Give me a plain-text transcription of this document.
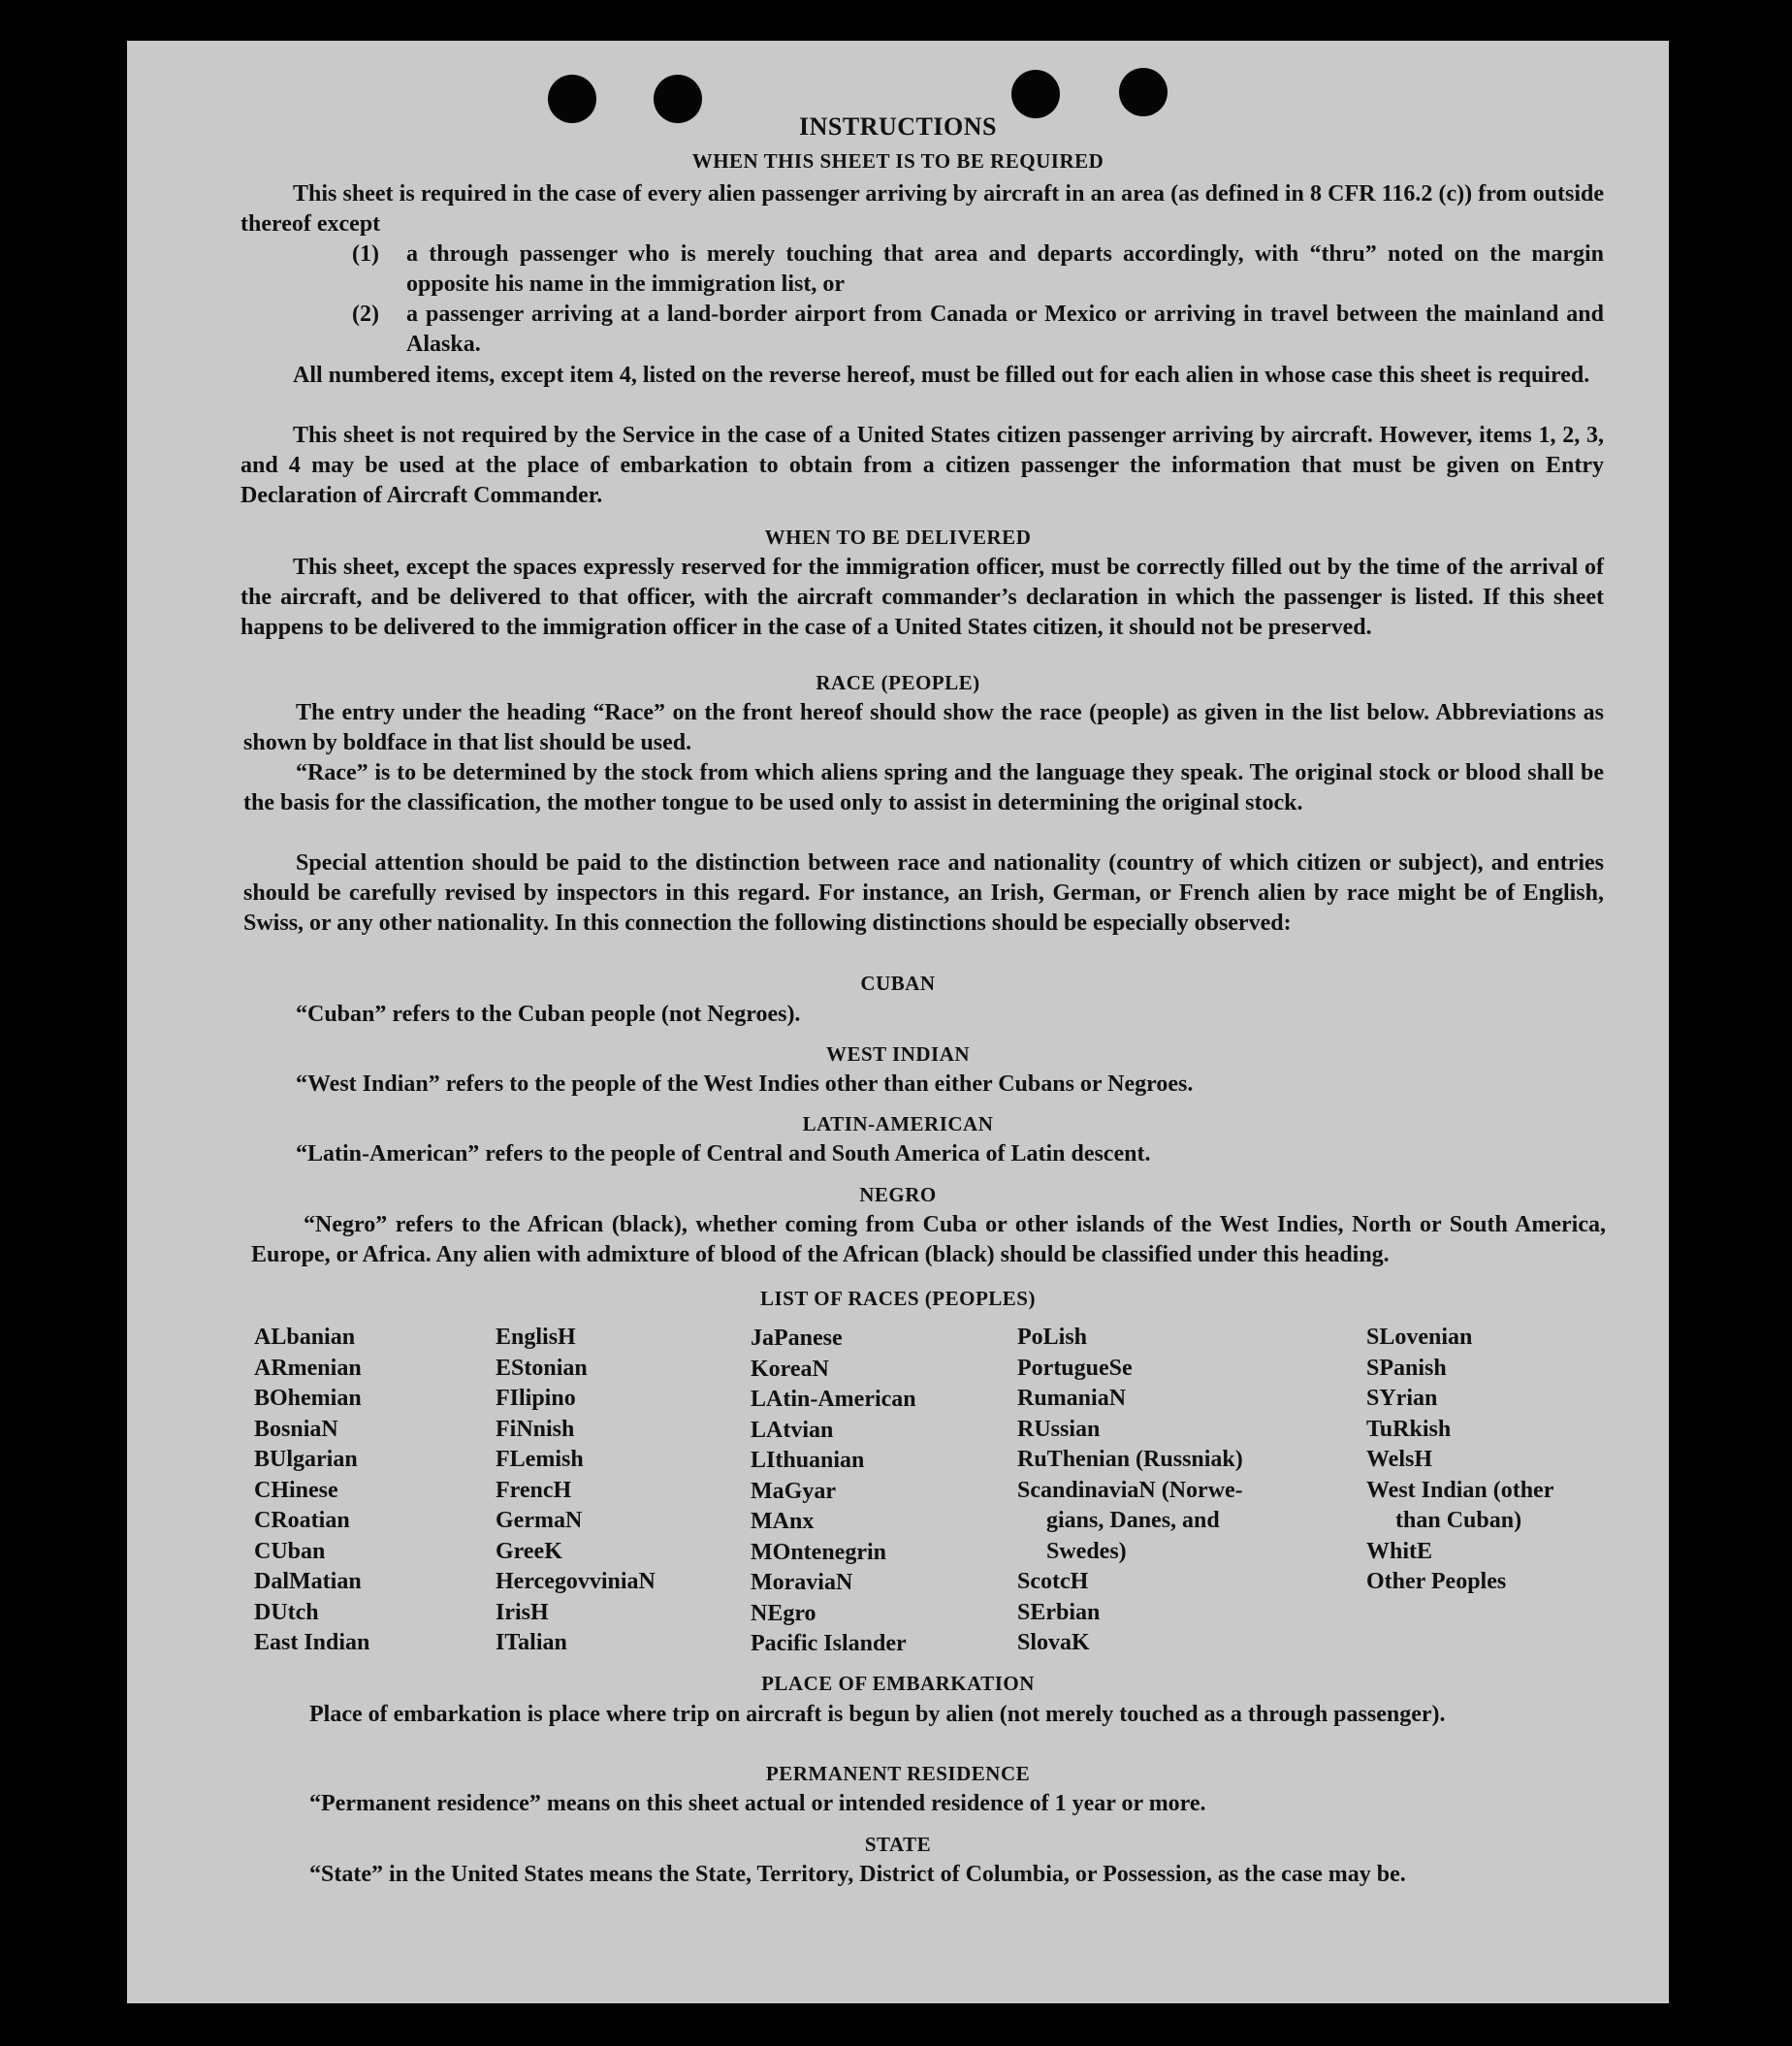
INSTRUCTIONS
WHEN THIS SHEET IS TO BE REQUIRED
This sheet is required in the case of every alien passenger arriving by aircraft in an area (as defined in 8 CFR 116.2 (c)) from outside thereof except
(1) a through passenger who is merely touching that area and departs accordingly, with “thru” noted on the margin opposite his name in the immigration list, or
(2) a passenger arriving at a land-border airport from Canada or Mexico or arriving in travel between the mainland and Alaska.
All numbered items, except item 4, listed on the reverse hereof, must be filled out for each alien in whose case this sheet is required.
This sheet is not required by the Service in the case of a United States citizen passenger arriving by aircraft. However, items 1, 2, 3, and 4 may be used at the place of embarkation to obtain from a citizen passenger the information that must be given on Entry Declaration of Aircraft Commander.
WHEN TO BE DELIVERED
This sheet, except the spaces expressly reserved for the immigration officer, must be correctly filled out by the time of the arrival of the aircraft, and be delivered to that officer, with the aircraft commander’s declaration in which the passenger is listed. If this sheet happens to be delivered to the immigration officer in the case of a United States citizen, it should not be preserved.
RACE (PEOPLE)
The entry under the heading “Race” on the front hereof should show the race (people) as given in the list below. Abbreviations as shown by boldface in that list should be used.
“Race” is to be determined by the stock from which aliens spring and the language they speak. The original stock or blood shall be the basis for the classification, the mother tongue to be used only to assist in determining the original stock.
Special attention should be paid to the distinction between race and nationality (country of which citizen or subject), and entries should be carefully revised by inspectors in this regard. For instance, an Irish, German, or French alien by race might be of English, Swiss, or any other nationality. In this connection the following distinctions should be especially observed:
CUBAN
“Cuban” refers to the Cuban people (not Negroes).
WEST INDIAN
“West Indian” refers to the people of the West Indies other than either Cubans or Negroes.
LATIN-AMERICAN
“Latin-American” refers to the people of Central and South America of Latin descent.
NEGRO
“Negro” refers to the African (black), whether coming from Cuba or other islands of the West Indies, North or South America, Europe, or Africa. Any alien with admixture of blood of the African (black) should be classified under this heading.
LIST OF RACES (PEOPLES)
ALbanian
ARmenian
BOhemian
BosniaN
BUlgarian
CHinese
CRoatian
CUban
DalMatian
DUtch
East Indian
EnglisH
EStonian
FIlipino
FiNnish
FLemish
FrencH
GermaN
GreeK
HercegovviniaN
IrisH
ITalian
JaPanese
KoreaN
LAtin-American
LAtvian
LIthuanian
MaGyar
MAnx
MOntenegrin
MoraviaN
NEgro
Pacific Islander
PoLish
PortugueSe
RumaniaN
RUssian
RuThenian (Russniak)
ScandinaviaN (Norwe-
gians, Danes, and
Swedes)
ScotcH
SErbian
SlovaK
SLovenian
SPanish
SYrian
TuRkish
WelsH
West Indian (other
than Cuban)
WhitE
Other Peoples
PLACE OF EMBARKATION
Place of embarkation is place where trip on aircraft is begun by alien (not merely touched as a through passenger).
PERMANENT RESIDENCE
“Permanent residence” means on this sheet actual or intended residence of 1 year or more.
STATE
“State” in the United States means the State, Territory, District of Columbia, or Possession, as the case may be.
